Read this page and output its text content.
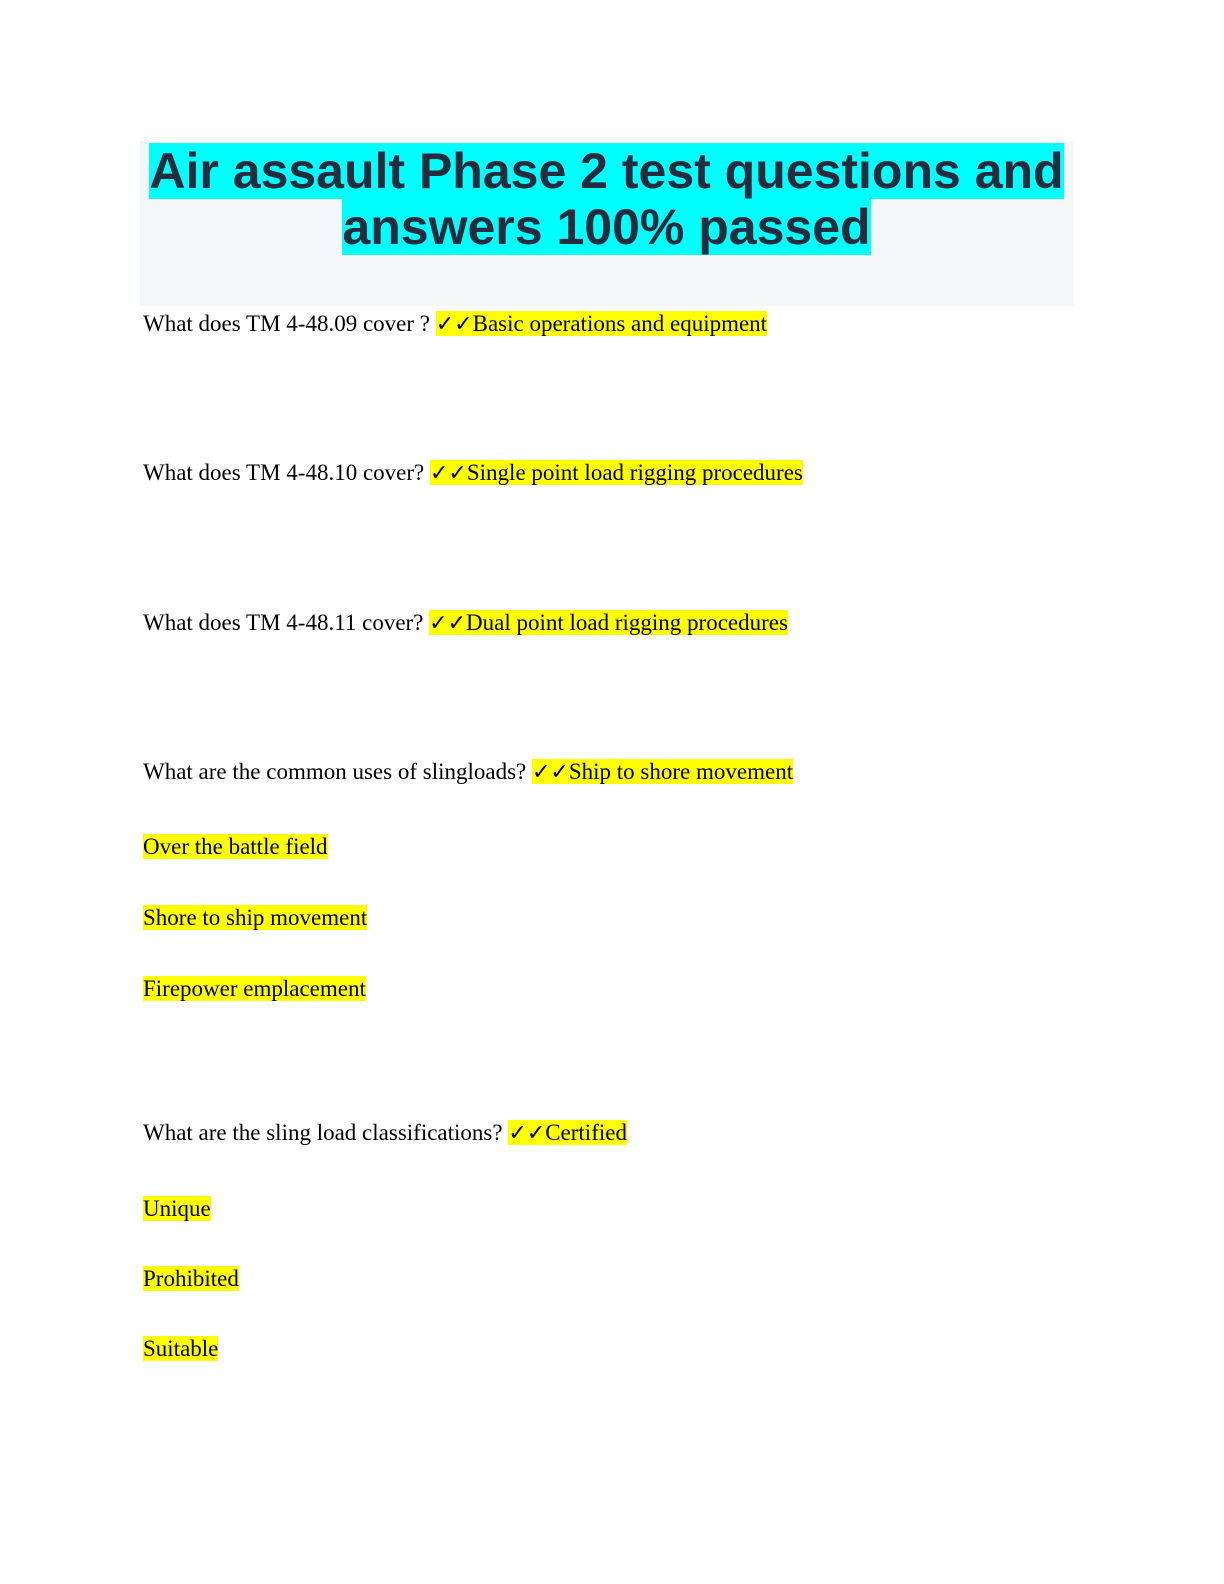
Air assault Phase 2 test questions and
answers 100% passed
What does TM 4-48.09 cover ? ✓✓Basic operations and equipment
What does TM 4-48.10 cover? ✓✓Single point load rigging procedures
What does TM 4-48.11 cover? ✓✓Dual point load rigging procedures
What are the common uses of slingloads? ✓✓Ship to shore movement
Over the battle field
Shore to ship movement
Firepower emplacement
What are the sling load classifications? ✓✓Certified
Unique
Prohibited
Suitable
